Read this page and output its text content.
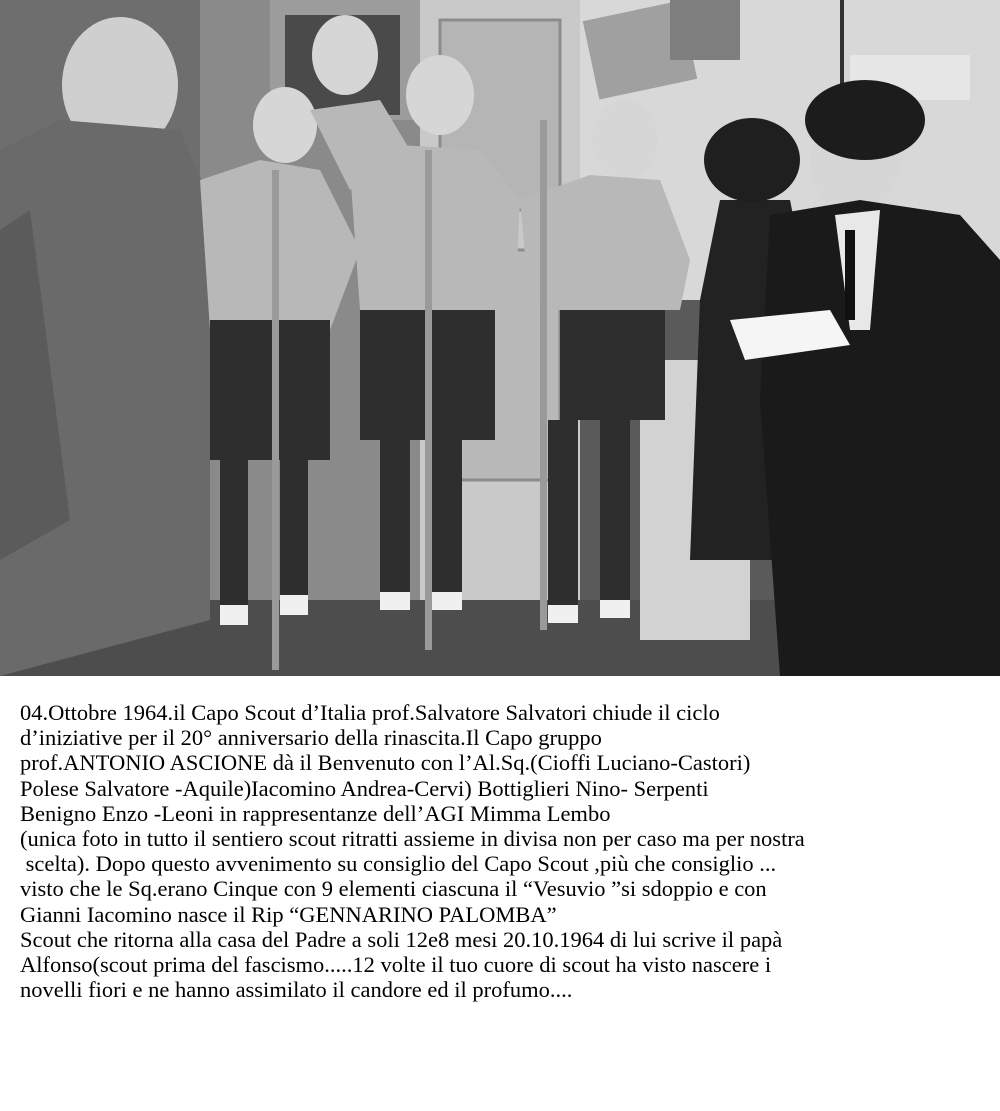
04.Ottobre 1964.il Capo Scout d’Italia prof.Salvatore Salvatori chiude il ciclo
d’iniziative per il 20° anniversario della rinascita.Il Capo gruppo
prof.ANTONIO ASCIONE dà il Benvenuto con l’Al.Sq.(Cioffi Luciano-Castori)
Polese Salvatore -Aquile)Iacomino Andrea-Cervi) Bottiglieri Nino- Serpenti
Benigno Enzo -Leoni in rappresentanze dell’AGI Mimma Lembo
(unica foto in tutto il sentiero scout ritratti assieme in divisa non per caso ma per nostra
scelta). Dopo questo avvenimento su consiglio del Capo Scout ,più che consiglio ...
visto che le Sq.erano Cinque con 9 elementi ciascuna il “Vesuvio ”si sdoppio e con
Gianni Iacomino nasce il Rip “GENNARINO PALOMBA”
Scout che ritorna alla casa del Padre a soli 12e8 mesi 20.10.1964 di lui scrive il papà
Alfonso(scout prima del fascismo.....12 volte il tuo cuore di scout ha visto nascere i
novelli fiori e ne hanno assimilato il candore ed il profumo....
